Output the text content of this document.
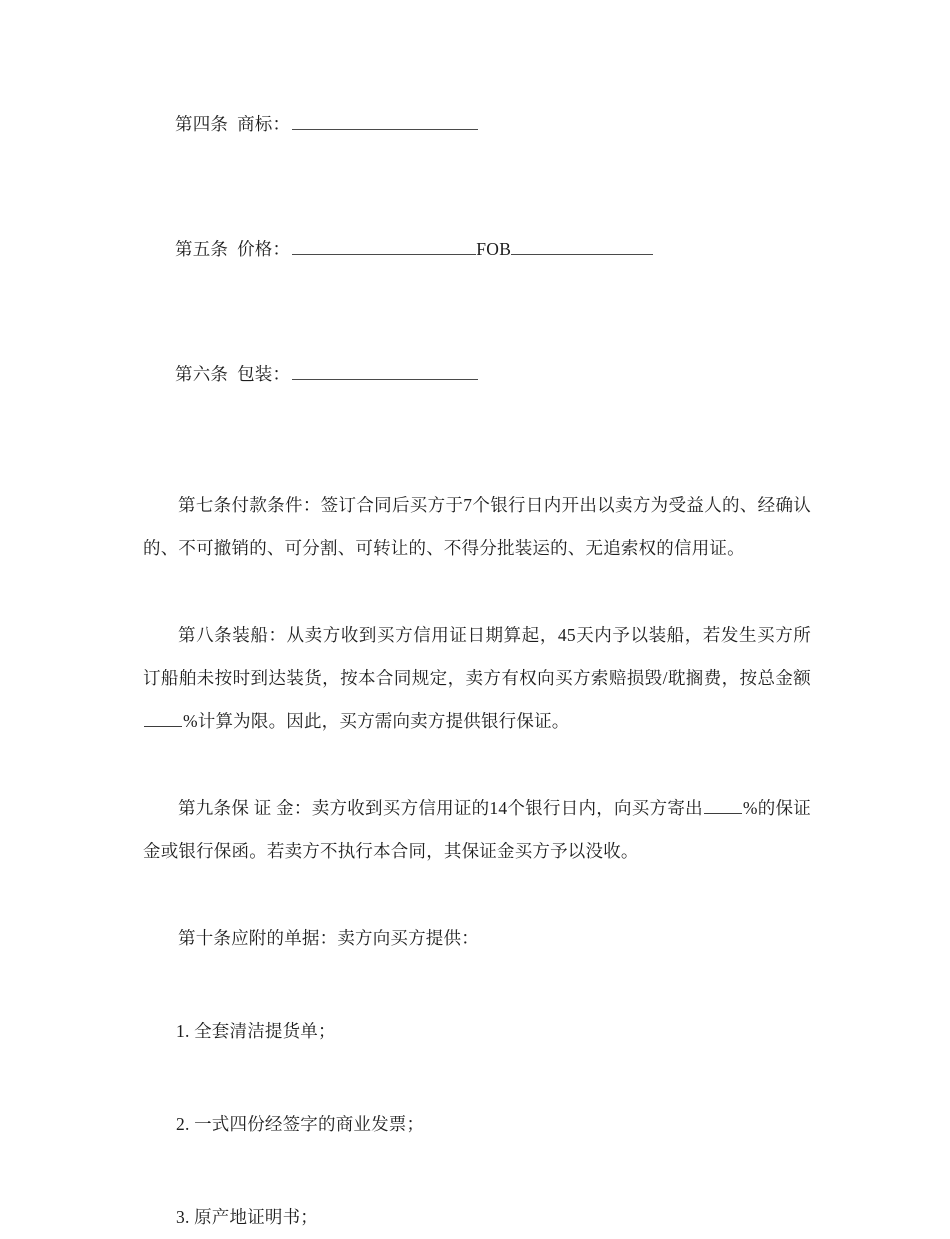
第四条 商标：

第五条 价格：	FOB

第六条 包装：

第七条付款条件：签订合同后买方于7个银行日内开出以卖方为受益人的、经确认的、不可撤销的、可分割、可转让的、不得分批装运的、无追索权的信用证。

第八条装船：从卖方收到买方信用证日期算起，45天内予以装船，若发生买方所订船舶未按时到达装货，按本合同规定，卖方有权向买方索赔损毁/耽搁费，按总金额%计算为限。因此，买方需向卖方提供银行保证。

第九条保 证 金：卖方收到买方信用证的14个银行日内，向买方寄出 %的保证金或银行保函。若卖方不执行本合同，其保证金买方予以没收。

第十条应附的单据：卖方向买方提供：

1. 全套清洁提货单；

2. 一式四份经签字的商业发票；

3. 原产地证明书；
